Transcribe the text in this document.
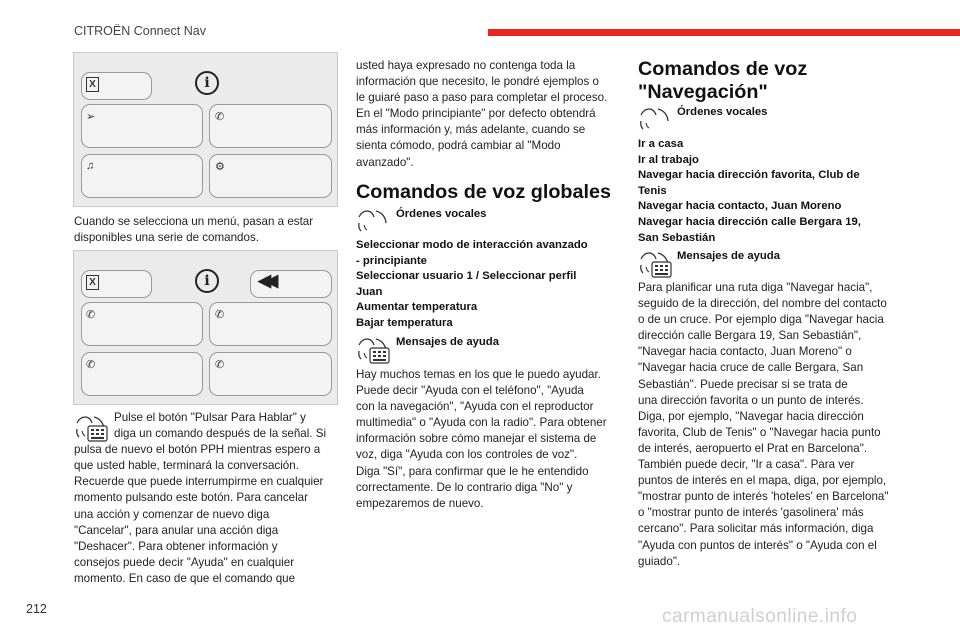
CITROËN Connect Nav
X	i
➢	✆
♫	⚙

Cuando se selecciona un menú, pasan a estar disponibles una serie de comandos.

X	i	◀◀
✆	✆
✆	✆

Pulse el botón "Pulsar Para Hablar" y

diga un comando después de la señal. Si

pulsa de nuevo el botón PPH mientras espero a

que usted hable, terminará la conversación.

Recuerde que puede interrumpirme en cualquier

momento pulsando este botón. Para cancelar

una acción y comenzar de nuevo diga

"Cancelar", para anular una acción diga

"Deshacer". Para obtener información y

consejos puede decir "Ayuda" en cualquier

momento. En caso de que el comando que

usted haya expresado no contenga toda la

información que necesito, le pondré ejemplos o

le guiaré paso a paso para completar el proceso.

En el "Modo principiante" por defecto obtendrá

más información y, más adelante, cuando se

sienta cómodo, podrá cambiar al "Modo

avanzado".

Comandos de voz globales

Órdenes vocales

Seleccionar modo de interacción avanzado

- principiante

Seleccionar usuario 1 / Seleccionar perfil

Juan

Aumentar temperatura

Bajar temperatura

Mensajes de ayuda

Hay muchos temas en los que le puedo ayudar.

Puede decir "Ayuda con el teléfono", "Ayuda

con la navegación", "Ayuda con el reproductor

multimedia" o "Ayuda con la radio". Para obtener

información sobre cómo manejar el sistema de

voz, diga "Ayuda con los controles de voz".

Diga "Sí", para confirmar que le he entendido

correctamente. De lo contrario diga "No" y

empezaremos de nuevo.

Comandos de voz
"Navegación"

Órdenes vocales

Ir a casa

Ir al trabajo

Navegar hacia dirección favorita, Club de

Tenis

Navegar hacia contacto, Juan Moreno

Navegar hacia dirección calle Bergara 19,

San Sebastián

Mensajes de ayuda

Para planificar una ruta diga "Navegar hacia",

seguido de la dirección, del nombre del contacto

o de un cruce. Por ejemplo diga "Navegar hacia

dirección calle Bergara 19, San Sebastián",

"Navegar hacia contacto, Juan Moreno" o

"Navegar hacia cruce de calle Bergara, San

Sebastián". Puede precisar si se trata de

una dirección favorita o un punto de interés.

Diga, por ejemplo, "Navegar hacia dirección

favorita, Club de Tenis" o "Navegar hacia punto

de interés, aeropuerto el Prat en Barcelona".

También puede decir, "Ir a casa". Para ver

puntos de interés en el mapa, diga, por ejemplo,

"mostrar punto de interés 'hoteles' en Barcelona"

o "mostrar punto de interés 'gasolinera' más

cercano". Para solicitar más información, diga

"Ayuda con puntos de interés" o "Ayuda con el

guiado".

212	carmanualsonline.info
